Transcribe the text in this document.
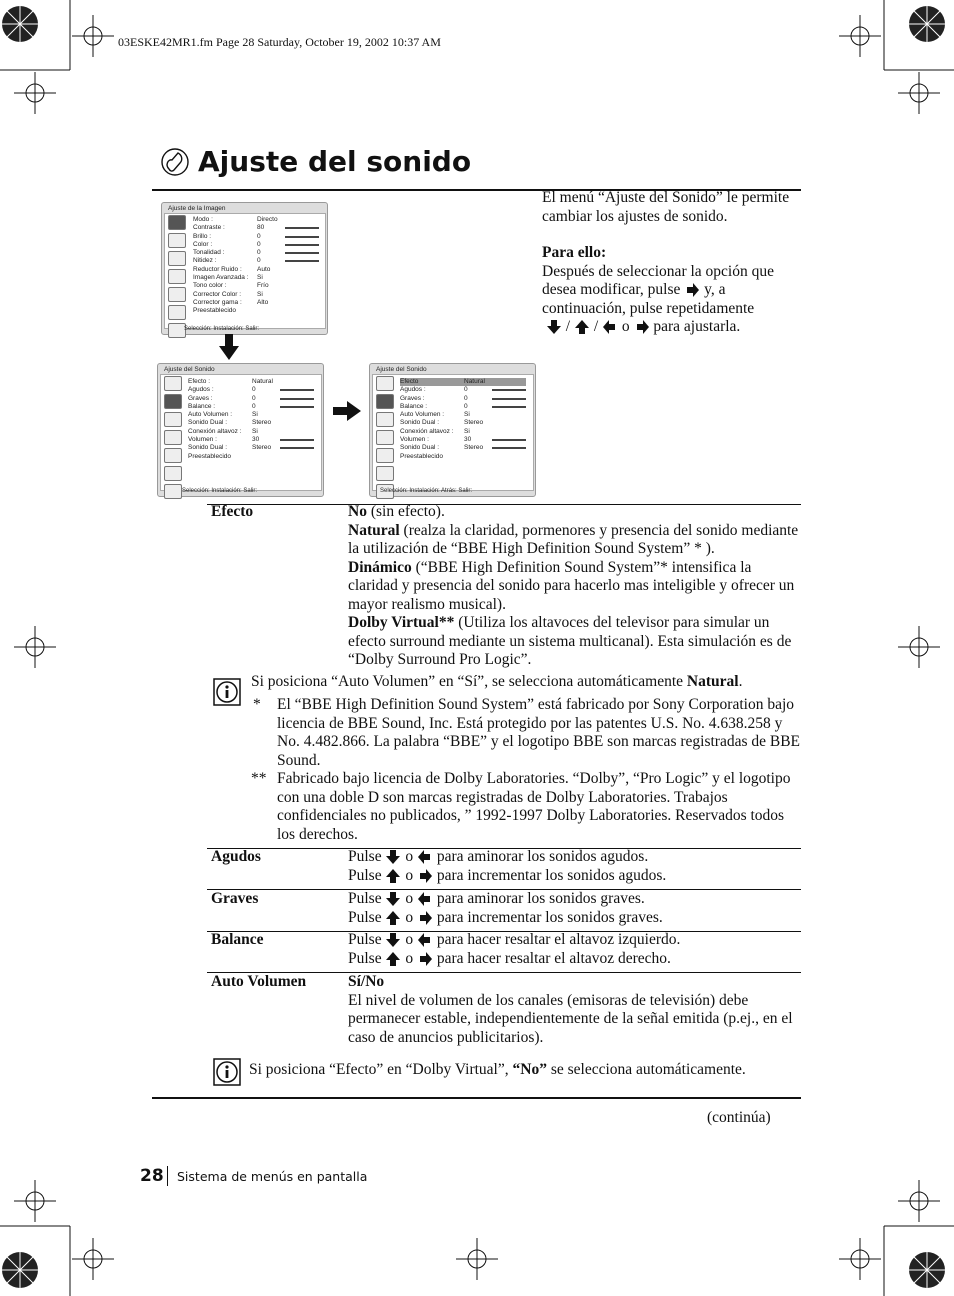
03ESKE42MR1.fm Page 28 Saturday, October 19, 2002 10:37 AM
Ajuste del sonido
El menú “Ajuste del Sonido” le permite cambiar los ajustes de sonido.
Para ello:
Después de seleccionar la opción que desea modificar, pulse y, a continuación, pulse repetidamente
/ / o para ajustarla.
Ajuste de la Imagen
Modo :	Directo
Contraste :	80
Brillo :	0
Color :	0
Tonalidad :	0
Nitidez :	0
Reductor Ruido :	Auto
Imagen Avanzada :	Si
Tono color :	Frío
Corrector Color :	Si
Corrector gama :	Alto
Preestablecido
Selección: Instalación: Salir:
Ajuste del Sonido
Efecto :	Natural
Agudos :	0
Graves :	0
Balance :	0
Auto Volumen :	Si
Sonido Dual :	Stereo
Conexión altavoz :	Si
Volumen :	30
Sonido Dual :	Stereo
Preestablecido
Selección: Instalación: Salir:
Ajuste del Sonido
Efecto	Natural
Agudos :	0
Graves :	0
Balance :	0
Auto Volumen :	Si
Sonido Dual :	Stereo
Conexión altavoz :	Si
Volumen :	30
Sonido Dual :	Stereo
Preestablecido
Selección: Instalación: Atrás: Salir:
Efecto	No (sin efecto).
Natural (realza la claridad, pormenores y presencia del sonido mediante la utilización de “BBE High Definition Sound System” * ).
Dinámico (“BBE High Definition Sound System”* intensifica la claridad y presencia del sonido para hacerlo mas inteligible y ofrecer un mayor realismo musical).
Dolby Virtual** (Utiliza los altavoces del televisor para simular un efecto surround mediante un sistema multicanal). Esta simulación es de “Dolby Surround Pro Logic”.
Si posiciona “Auto Volumen” en “Sí”, se selecciona automáticamente Natural.
* El “BBE High Definition Sound System” está fabricado por Sony Corporation bajo licencia de BBE Sound, Inc. Está protegido por las patentes U.S. No. 4.638.258 y No. 4.482.866. La palabra “BBE” y el logotipo BBE son marcas registradas de BBE Sound.
** Fabricado bajo licencia de Dolby Laboratories. “Dolby”, “Pro Logic” y el logotipo con una doble D son marcas registradas de Dolby Laboratories. Trabajos confidenciales no publicados, ” 1992-1997 Dolby Laboratories. Reservados todos los derechos.
Agudos	Pulse o para aminorar los sonidos agudos.
Pulse o para incrementar los sonidos agudos.
Graves	Pulse o para aminorar los sonidos graves.
Pulse o para incrementar los sonidos graves.
Balance	Pulse o para hacer resaltar el altavoz izquierdo.
Pulse o para hacer resaltar el altavoz derecho.
Auto Volumen	Sí/No
El nivel de volumen de los canales (emisoras de televisión) debe permanecer estable, independientemente de la señal emitida (p.ej., en el caso de anuncios publicitarios).
Si posiciona “Efecto” en “Dolby Virtual”, “No” se selecciona automáticamente.
(continúa)
28 Sistema de menús en pantalla
